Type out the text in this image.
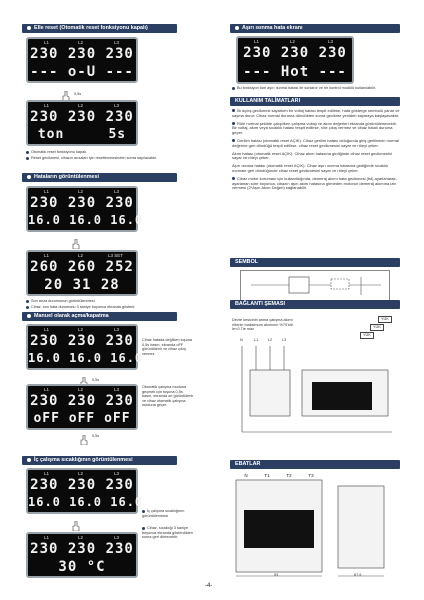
Elle reset (Otomatik reset fonksiyonu kapalı)
L1	L2	L3
230 230 230
--- o-U ---
0,5s
L1	L2	L3
230 230 230
ton     5s
Otomatik reset fonksiyonu kapalı.
Reset gecikmesi, cihazın arızaları için resetlenmesinden sonra sayılacaktır.
Hataların görüntülenmesi
L1	L2	L3
230 230 230
16.0 16.0 16.0
L1	L2	L3 SET
260 260 252
20 31 28
Son arıza durumunun görüntülenmesi
Cihaz, son hata durumunu 3 saniye boyunca ekranda gösterir.
Manuel olarak açma/kapatma
L1	L2	L3
230 230 230
16.0 16.0 16.0
Cihaz hatada değilken tuşuna 0,5s basın, ekranda oFF görüntülenir ve cihaz çıkış vermez.
0,5s
L1	L2	L3
230 230 230
oFF oFF oFF
Otomatik çalışma moduna geçmek için tuşuna 0,5s basın, ekranda on görüntülenir ve cihaz otomatik çalışma moduna geçer.
0,5s
İç çalışma sıcaklığının görüntülenmesi
L1	L2	L3
230 230 230
16.0 16.0 16.0
İç çalışma sıcaklığının görüntülenmesi
L1	L2	L3
230 230 230
30 °C
Cihaz, sıcaklığı 3 saniye boyunca ekranda gösterdikten sonra geri dönecektir.
Aşırı ısınma hata ekranı
L1	L2	L3
230 230 230
--- Hot ---
Bu fonksiyon tüm aşırı ısınma hatası ile sonlanır ve bir kontrol modülü kullanılabilir.
KULLANIM TALİMATLARI

İlk açılış gecikmesi sayarken bir voltaj hatası tespit edilirse, hata gösterge sembolü yanar ve sayma durur. Cihaz normal duruma döndükten sonra gecikme yeniden saymaya başlayacaktır.

Röle normal şekilde çalışırken çalışma voltajı ve akım değerleri ekranda görüntülenecektir. Bir voltaj, akım veya sıcaklık hatası tespit edilirse, röle çıkış vermez ve cihaz hatalı duruma geçer.

Gerilim hatası (otomatik reset AÇIK): Cihaz gerilim hatası olduğunda giriş geriliminin normal değerine geri döndüğü tespit edilirse, cihaz reset gecikmesini sayar ve röleyi çeker.

Akım hatası (otomatik reset AÇIK): Cihaz akım hatasına girdiğinde cihaz reset gecikmesini sayar ve röleyi çeker.

Aşırı ısınma hatası (otomatik reset AÇIK): Cihaz aşırı ısınma hatasına girdiğinde sıcaklık normale geri döndüğünde cihaz reset gecikmesini sayar ve röleyi çeker.

Cihaz motor koruması için kullanıldığında, demeraj akımı hata gecikmesi (tst) ayarlanarak, ayarlanan süre boyunca, cihazın aşırı akım hatasına girmeden motorun demeraj akımına izin vermesi (2*Aşırı Akım Değeri) sağlanabilir.

SEMBOL
BAĞLANTI ŞEMASI
Devre kesicinin anma çalışma akımı rölenin maksimum akımının %70'idir. Ie<0.7Ie max
N	L1	L2	L3
YÜK
YÜK
YÜK
EBATLAR
N	T1	T2	T3
93	67.5
-4-
